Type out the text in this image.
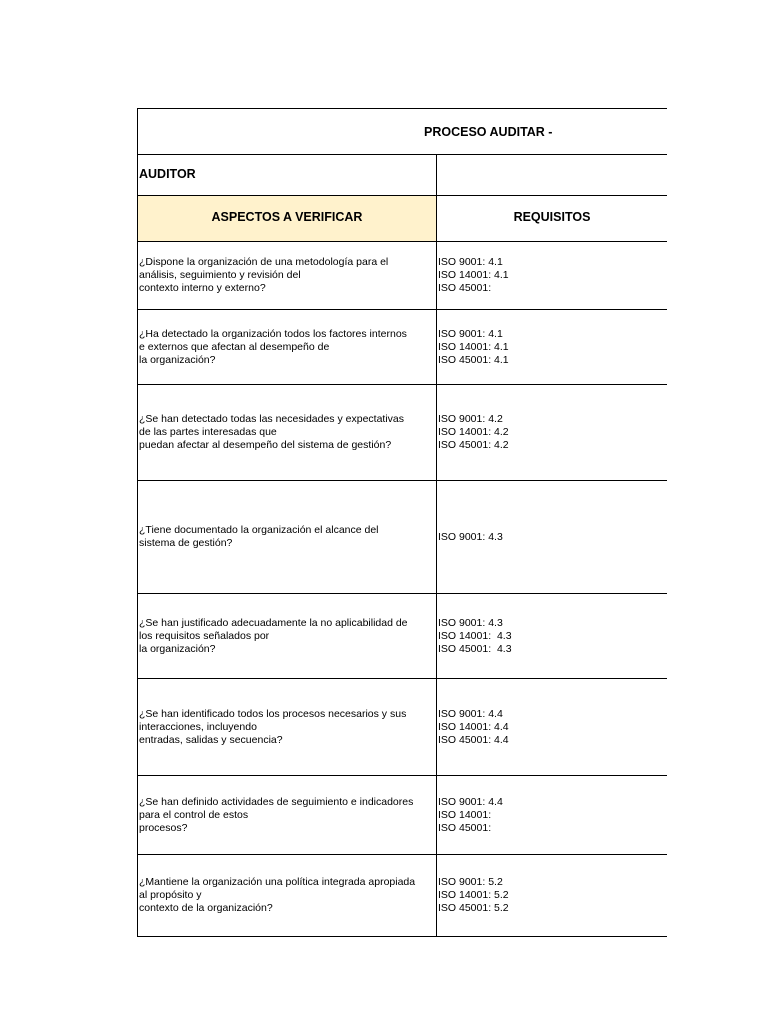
PROCESO AUDITAR -
AUDITOR
ASPECTOS A VERIFICAR	REQUISITOS
¿Dispone la organización de una metodología para el
análisis, seguimiento y revisión del
contexto interno y externo?
ISO 9001: 4.1
ISO 14001: 4.1
ISO 45001:
¿Ha detectado la organización todos los factores internos
e externos que afectan al desempeño de
la organización?
ISO 9001: 4.1
ISO 14001: 4.1
ISO 45001: 4.1
¿Se han detectado todas las necesidades y expectativas
de las partes interesadas que
puedan afectar al desempeño del sistema de gestión?
ISO 9001: 4.2
ISO 14001: 4.2
ISO 45001: 4.2
¿Tiene documentado la organización el alcance del
sistema de gestión?
ISO 9001: 4.3
¿Se han justificado adecuadamente la no aplicabilidad de
los requisitos señalados por
la organización?
ISO 9001: 4.3
ISO 14001:  4.3
ISO 45001:  4.3
¿Se han identificado todos los procesos necesarios y sus
interacciones, incluyendo
entradas, salidas y secuencia?
ISO 9001: 4.4
ISO 14001: 4.4
ISO 45001: 4.4
¿Se han definido actividades de seguimiento e indicadores
para el control de estos
procesos?
ISO 9001: 4.4
ISO 14001:
ISO 45001:
¿Mantiene la organización una política integrada apropiada
al propósito y
contexto de la organización?
ISO 9001: 5.2
ISO 14001: 5.2
ISO 45001: 5.2
